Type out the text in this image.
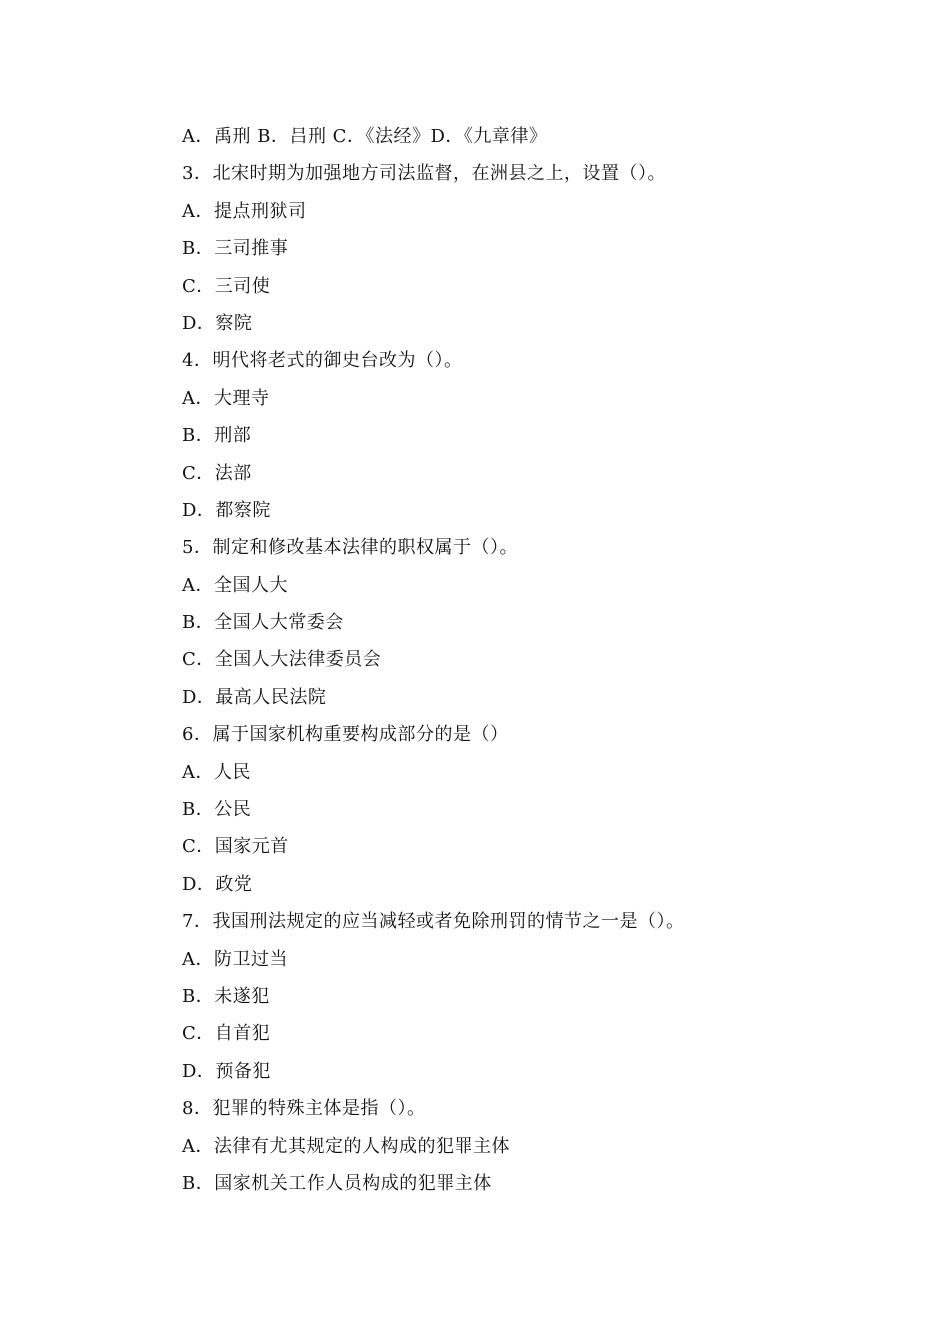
A．禹刑 B．吕刑 C．《法经》D．《九章律》
3．北宋时期为加强地方司法监督，在洲县之上，设置（）。
A．提点刑狱司
B．三司推事
C．三司使
D．察院
4．明代将老式的御史台改为（）。
A．大理寺
B．刑部
C．法部
D．都察院
5．制定和修改基本法律的职权属于（）。
A．全国人大
B．全国人大常委会
C．全国人大法律委员会
D．最高人民法院
6．属于国家机构重要构成部分的是（）
A．人民
B．公民
C．国家元首
D．政党
7．我国刑法规定的应当减轻或者免除刑罚的情节之一是（）。
A．防卫过当
B．未遂犯
C．自首犯
D．预备犯
8．犯罪的特殊主体是指（）。
A．法律有尤其规定的人构成的犯罪主体
B．国家机关工作人员构成的犯罪主体
